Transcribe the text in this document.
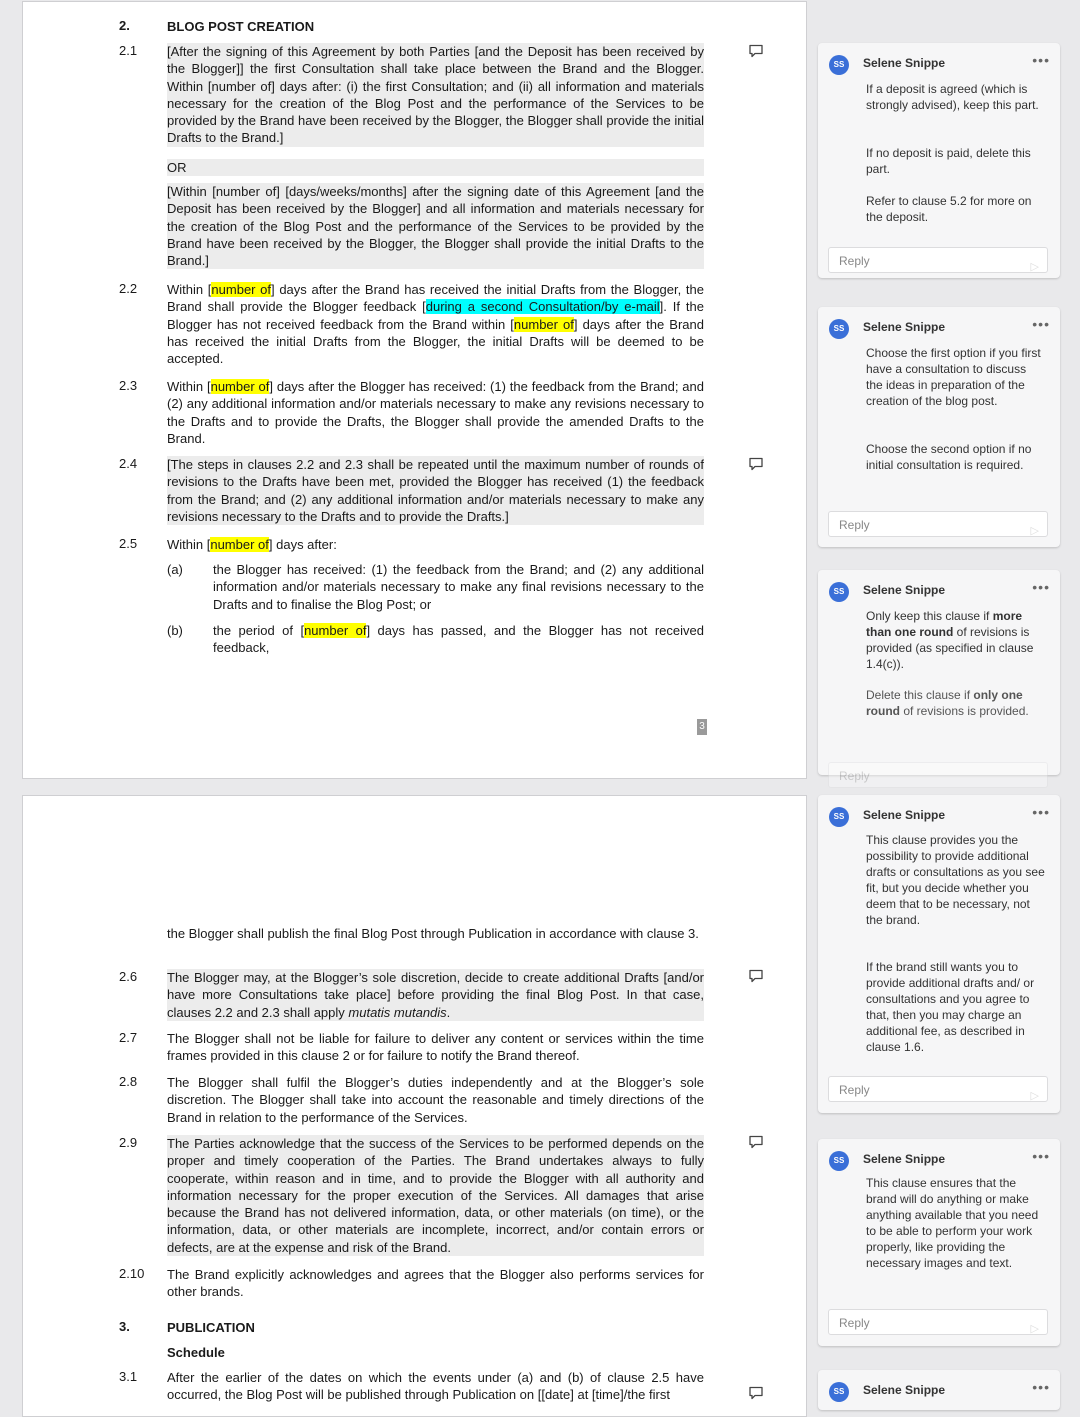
2.	BLOG POST CREATION
2.1 [After the signing of this Agreement by both Parties [and the Deposit has been received by the Blogger]] the first Consultation shall take place between the Brand and the Blogger. Within [number of] days after: (i) the first Consultation; and (ii) all information and materials necessary for the creation of the Blog Post and the performance of the Services to be provided by the Brand have been received by the Blogger, the Blogger shall provide the initial Drafts to the Brand.]
OR
[Within [number of] [days/weeks/months] after the signing date of this Agreement [and the Deposit has been received by the Blogger] and all information and materials necessary for the creation of the Blog Post and the performance of the Services to be provided by the Brand have been received by the Blogger, the Blogger shall provide the initial Drafts to the Brand.]
2.2 Within [number of] days after the Brand has received the initial Drafts from the Blogger, the Brand shall provide the Blogger feedback [during a second Consultation/by e-mail]. If the Blogger has not received feedback from the Brand within [number of] days after the Brand has received the initial Drafts from the Blogger, the initial Drafts will be deemed to be accepted.
2.3 Within [number of] days after the Blogger has received: (1) the feedback from the Brand; and (2) any additional information and/or materials necessary to make any revisions necessary to the Drafts and to provide the Drafts, the Blogger shall provide the amended Drafts to the Brand.
2.4 [The steps in clauses 2.2 and 2.3 shall be repeated until the maximum number of rounds of revisions to the Drafts have been met, provided the Blogger has received (1) the feedback from the Brand; and (2) any additional information and/or materials necessary to make any revisions necessary to the Drafts and to provide the Drafts.]
2.5 Within [number of] days after:
(a) the Blogger has received: (1) the feedback from the Brand; and (2) any additional information and/or materials necessary to make any final revisions necessary to the Drafts and to finalise the Blog Post; or
(b) the period of [number of] days has passed, and the Blogger has not received feedback,
3
the Blogger shall publish the final Blog Post through Publication in accordance with clause 3.
2.6 The Blogger may, at the Blogger’s sole discretion, decide to create additional Drafts [and/or have more Consultations take place] before providing the final Blog Post. In that case, clauses 2.2 and 2.3 shall apply mutatis mutandis.
2.7 The Blogger shall not be liable for failure to deliver any content or services within the time frames provided in this clause 2 or for failure to notify the Brand thereof.
2.8 The Blogger shall fulfil the Blogger’s duties independently and at the Blogger’s sole discretion. The Blogger shall take into account the reasonable and timely directions of the Brand in relation to the performance of the Services.
2.9 The Parties acknowledge that the success of the Services to be performed depends on the proper and timely cooperation of the Parties. The Brand undertakes always to fully cooperate, within reason and in time, and to provide the Blogger with all authority and information necessary for the proper execution of the Services. All damages that arise because the Brand has not delivered information, data, or other materials (on time), or the information, data, or other materials are incomplete, incorrect, and/or contain errors or defects, are at the expense and risk of the Brand.
2.10 The Brand explicitly acknowledges and agrees that the Blogger also performs services for other brands.
3.	PUBLICATION
Schedule
3.1 After the earlier of the dates on which the events under (a) and (b) of clause 2.5 have occurred, the Blog Post will be published through Publication on [[date] at [time]/the first
SS	Selene Snippe	•••
If a deposit is agreed (which is strongly advised), keep this part.
If no deposit is paid, delete this part.
Refer to clause 5.2 for more on the deposit.
Reply	▷
SS	Selene Snippe	•••
Choose the first option if you first have a consultation to discuss the ideas in preparation of the creation of the blog post.
Choose the second option if no initial consultation is required.
Reply	▷
SS	Selene Snippe	•••
Only keep this clause if more than one round of revisions is provided (as specified in clause 1.4(c)).
Delete this clause if only one round of revisions is provided.
Reply
SS	Selene Snippe	•••
This clause provides you the possibility to provide additional drafts or consultations as you see fit, but you decide whether you deem that to be necessary, not the brand.
If the brand still wants you to provide additional drafts and/ or consultations and you agree to that, then you may charge an additional fee, as described in clause 1.6.
Reply	▷
SS	Selene Snippe	•••
This clause ensures that the brand will do anything or make anything available that you need to be able to perform your work properly, like providing the necessary images and text.
Reply	▷
SS	Selene Snippe	•••
